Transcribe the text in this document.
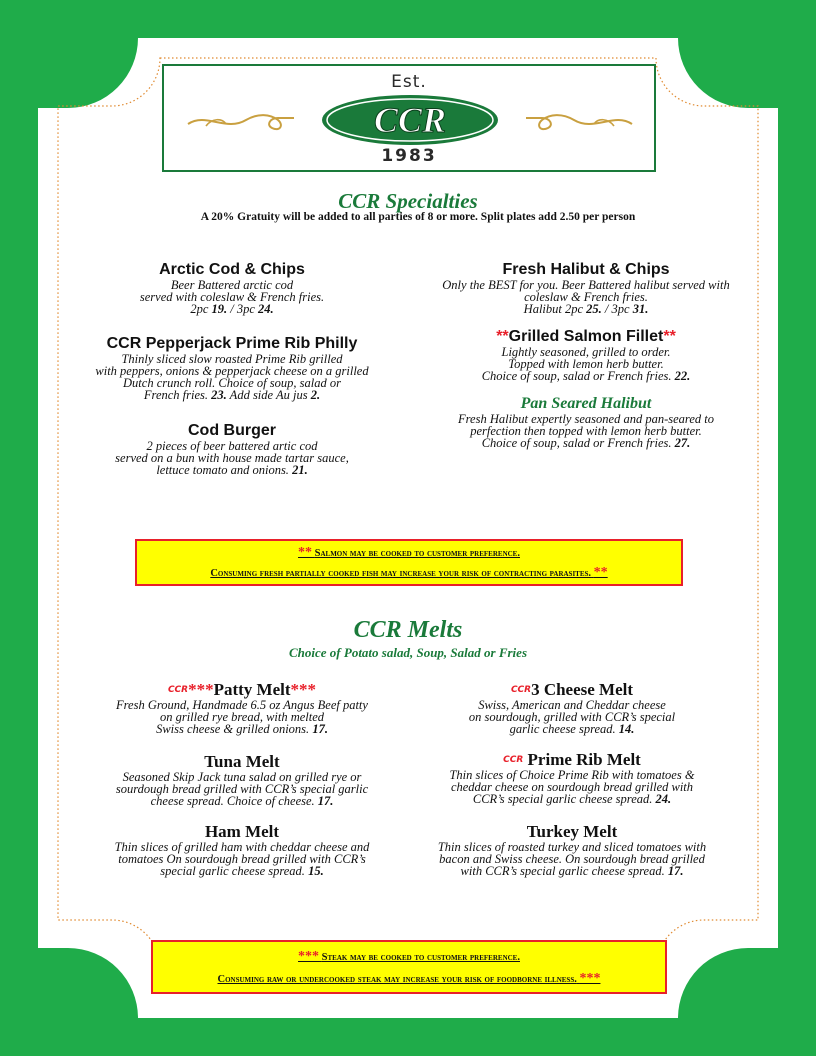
Est.
CCR
1983
CCR Specialties
A 20% Gratuity will be added to all parties of 8 or more. Split plates add 2.50 per person
Arctic Cod & Chips
Beer Battered arctic cod
served with coleslaw & French fries.
2pc 19. / 3pc 24.
CCR Pepperjack Prime Rib Philly
Thinly sliced slow roasted Prime Rib grilled
with peppers, onions & pepperjack cheese on a grilled
Dutch crunch roll. Choice of soup, salad or
French fries. 23. Add side Au jus 2.
Cod Burger
2 pieces of beer battered artic cod
served on a bun with house made tartar sauce,
lettuce tomato and onions. 21.
Fresh Halibut & Chips
Only the BEST for you. Beer Battered halibut served with
coleslaw & French fries.
Halibut 2pc 25. / 3pc 31.
**Grilled Salmon Fillet**
Lightly seasoned, grilled to order.
Topped with lemon herb butter.
Choice of soup, salad or French fries. 22.
Pan Seared Halibut
Fresh Halibut expertly seasoned and pan-seared to
perfection then topped with lemon herb butter.
Choice of soup, salad or French fries. 27.
** Salmon may be cooked to customer preference.
Consuming fresh partially cooked fish may increase your risk of contracting parasites. **
CCR Melts
Choice of Potato salad, Soup, Salad or Fries
$^{CCR}$***Patty Melt***
Fresh Ground, Handmade 6.5 oz Angus Beef patty
on grilled rye bread, with melted
Swiss cheese & grilled onions. 17.
Tuna Melt
Seasoned Skip Jack tuna salad on grilled rye or
sourdough bread grilled with CCR’s special garlic
cheese spread. Choice of cheese. 17.
Ham Melt
Thin slices of grilled ham with cheddar cheese and
tomatoes On sourdough bread grilled with CCR’s
special garlic cheese spread. 15.
$^{CCR}$3 Cheese Melt
Swiss, American and Cheddar cheese
on sourdough, grilled with CCR’s special
garlic cheese spread. 14.
$^{CCR}$ Prime Rib Melt
Thin slices of Choice Prime Rib with tomatoes &
cheddar cheese on sourdough bread grilled with
CCR’s special garlic cheese spread. 24.
Turkey Melt
Thin slices of roasted turkey and sliced tomatoes with
bacon and Swiss cheese. On sourdough bread grilled
with CCR’s special garlic cheese spread. 17.
*** Steak may be cooked to customer preference.
Consuming raw or undercooked steak may increase your risk of foodborne illness. ***
